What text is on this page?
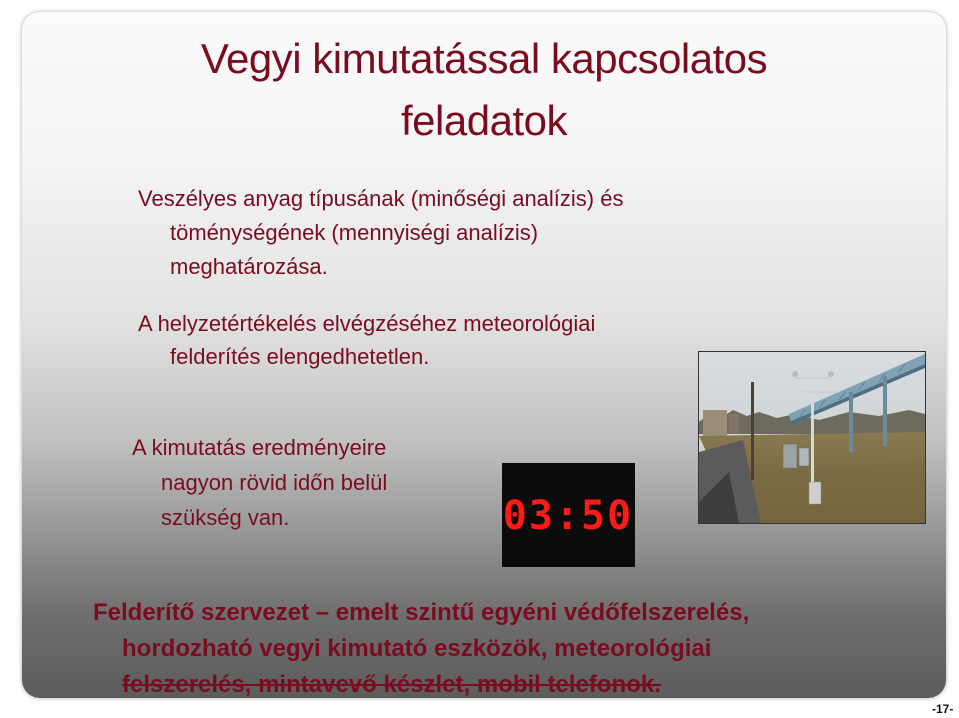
Vegyi kimutatással kapcsolatos
feladatok
Veszélyes anyag típusának (minőségi analízis) és
töménységének (mennyiségi analízis)
meghatározása.
A helyzetértékelés elvégzéséhez meteorológiai
felderítés elengedhetetlen.
A kimutatás eredményeire
nagyon rövid időn belül
szükség van.	03:50
Felderítő szervezet – emelt szintű egyéni védőfelszerelés,
hordozható vegyi kimutató eszközök, meteorológiai
felszerelés, mintavevő készlet, mobil telefonok.
-17-
